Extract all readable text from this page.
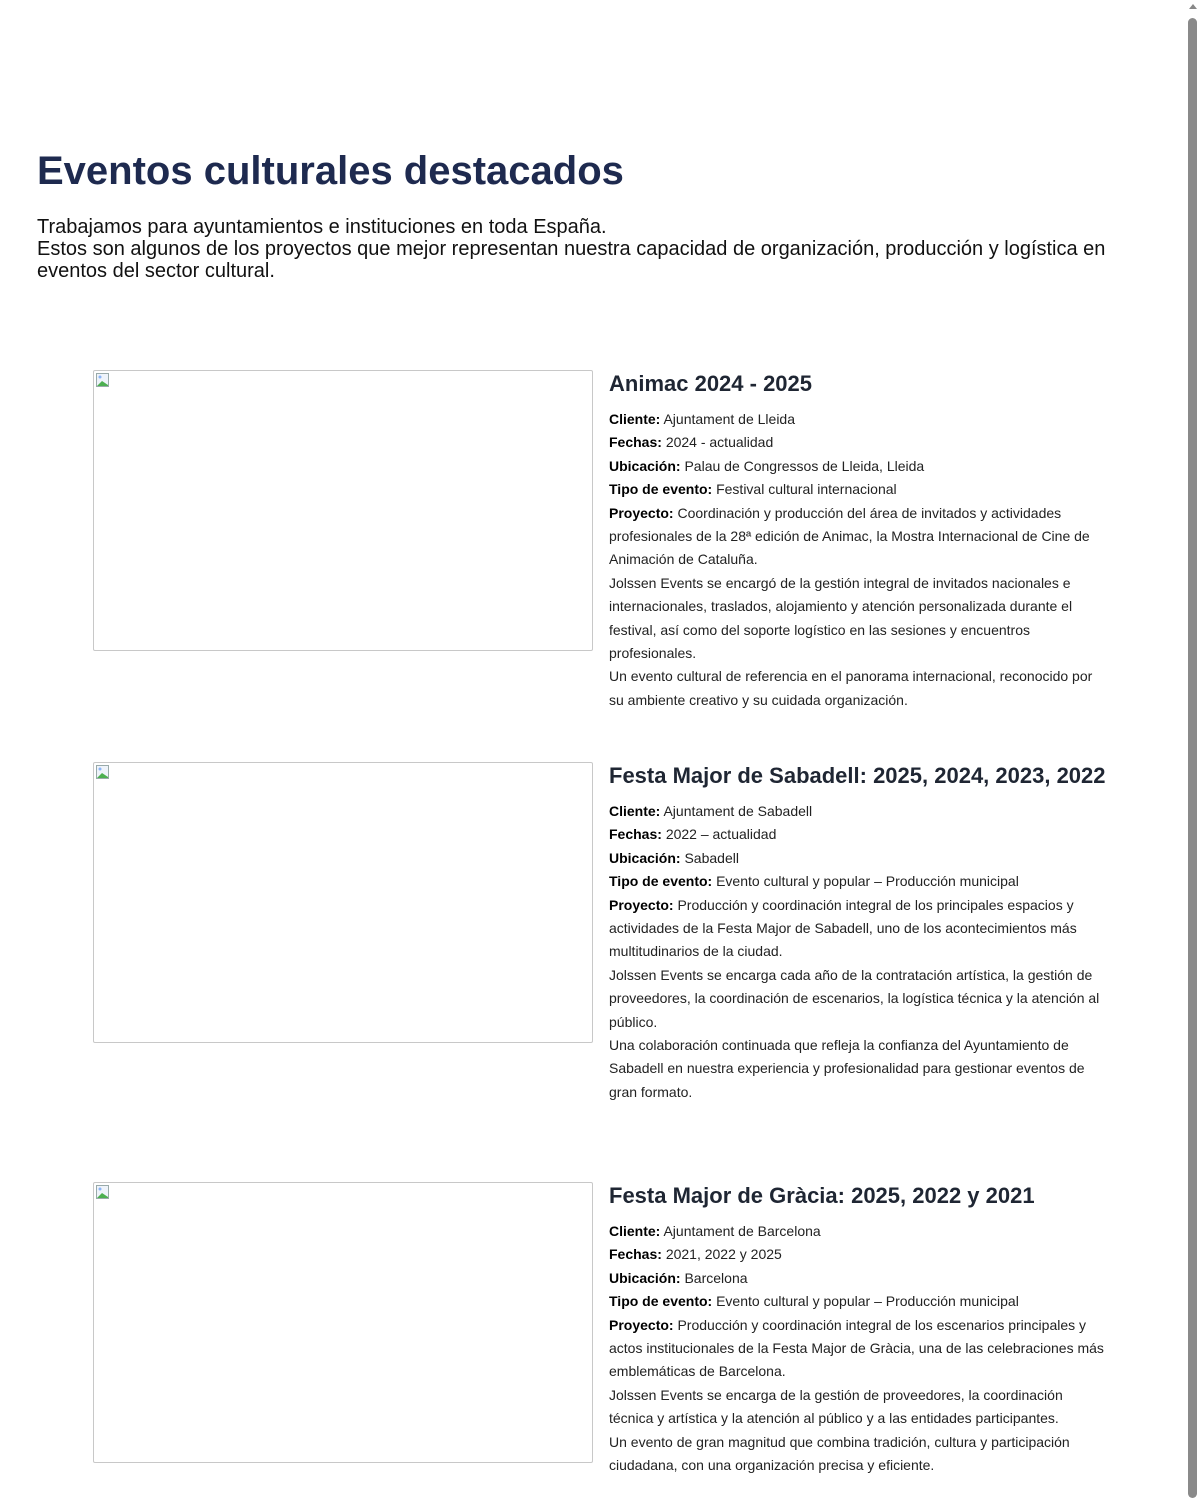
Eventos culturales destacados

Trabajamos para ayuntamientos e instituciones en toda España.
Estos son algunos de los proyectos que mejor representan nuestra capacidad de organización, producción y logística en eventos del sector cultural.

Animac 2024 - 2025

Cliente: Ajuntament de Lleida

Fechas: 2024 - actualidad

Ubicación: Palau de Congressos de Lleida, Lleida

Tipo de evento: Festival cultural internacional

Proyecto: Coordinación y producción del área de invitados y actividades profesionales de la 28ª edición de Animac, la Mostra Internacional de Cine de Animación de Cataluña.

Jolssen Events se encargó de la gestión integral de invitados nacionales e internacionales, traslados, alojamiento y atención personalizada durante el festival, así como del soporte logístico en las sesiones y encuentros profesionales.

Un evento cultural de referencia en el panorama internacional, reconocido por su ambiente creativo y su cuidada organización.

Festa Major de Sabadell: 2025, 2024, 2023, 2022

Cliente: Ajuntament de Sabadell

Fechas: 2022 – actualidad

Ubicación: Sabadell

Tipo de evento: Evento cultural y popular – Producción municipal

Proyecto: Producción y coordinación integral de los principales espacios y actividades de la Festa Major de Sabadell, uno de los acontecimientos más multitudinarios de la ciudad.

Jolssen Events se encarga cada año de la contratación artística, la gestión de proveedores, la coordinación de escenarios, la logística técnica y la atención al público.

Una colaboración continuada que refleja la confianza del Ayuntamiento de Sabadell en nuestra experiencia y profesionalidad para gestionar eventos de gran formato.

Festa Major de Gràcia: 2025, 2022 y 2021

Cliente: Ajuntament de Barcelona

Fechas: 2021, 2022 y 2025

Ubicación: Barcelona

Tipo de evento: Evento cultural y popular – Producción municipal

Proyecto: Producción y coordinación integral de los escenarios principales y actos institucionales de la Festa Major de Gràcia, una de las celebraciones más emblemáticas de Barcelona.

Jolssen Events se encarga de la gestión de proveedores, la coordinación técnica y artística y la atención al público y a las entidades participantes.

Un evento de gran magnitud que combina tradición, cultura y participación ciudadana, con una organización precisa y eficiente.
